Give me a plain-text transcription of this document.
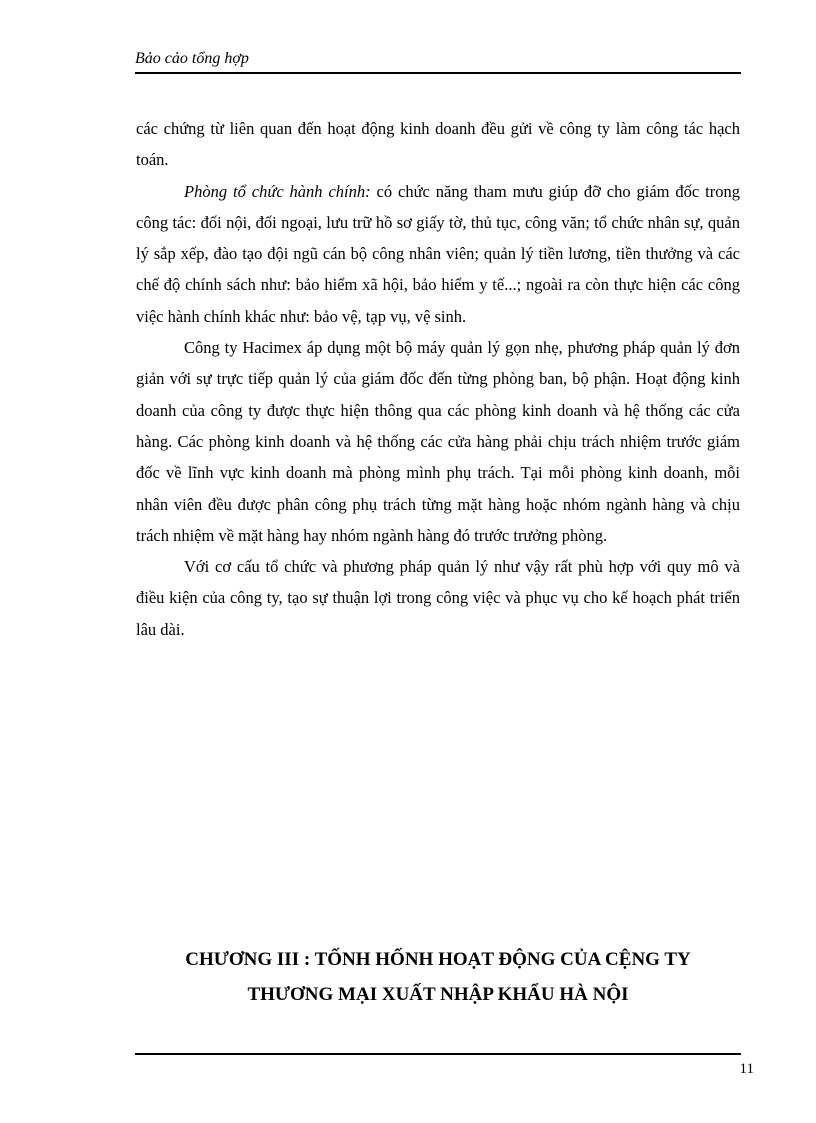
Bảo cảo tổng hợp

các chứng từ liên quan đến hoạt động kinh doanh đều gửi về công ty làm công tác hạch toán.

Phòng tổ chức hành chính: có chức năng tham mưu giúp đỡ cho giám đốc trong công tác: đối nội, đối ngoại, lưu trữ hồ sơ giấy tờ, thủ tục, công văn; tổ chức nhân sự, quản lý sắp xếp, đào tạo đội ngũ cán bộ công nhân viên; quản lý tiền lương, tiền thưởng và các chế độ chính sách như: bảo hiểm xã hội, bảo hiểm y tế...; ngoài ra còn thực hiện các công việc hành chính khác như: bảo vệ, tạp vụ, vệ sinh.

Công ty Hacimex áp dụng một bộ máy quản lý gọn nhẹ, phương pháp quản lý đơn giản với sự trực tiếp quản lý của giám đốc đến từng phòng ban, bộ phận. Hoạt động kinh doanh của công ty được thực hiện thông qua các phòng kinh doanh và hệ thống các cửa hàng. Các phòng kinh doanh và hệ thống các cửa hàng phải chịu trách nhiệm trước giám đốc về lĩnh vực kinh doanh mà phòng mình phụ trách. Tại mỗi phòng kinh doanh, mỗi nhân viên đều được phân công phụ trách từng mặt hàng hoặc nhóm ngành hàng và chịu trách nhiệm về mặt hàng hay nhóm ngành hàng đó trước trưởng phòng.

Với cơ cấu tổ chức và phương pháp quản lý như vậy rất phù hợp với quy mô và điều kiện của công ty, tạo sự thuận lợi trong công việc và phục vụ cho kế hoạch phát triển lâu dài.

CHƯƠNG III : TỐNH HỐNH HOẠT ĐỘNG CỦA CỆNG TY
THƯƠNG MẠI XUẤT NHẬP KHẨU HÀ NỘI
11
